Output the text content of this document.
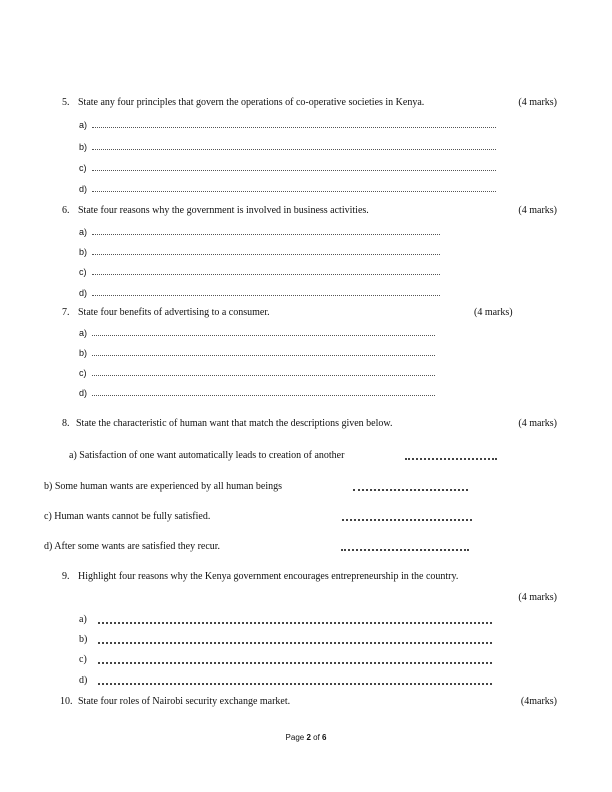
5. State any four principles that govern the operations of co-operative societies in Kenya.	(4 marks)
a)
b)
c)
d)
6. State four reasons why the government is involved in business activities.	(4 marks)
a)
b)
c)
d)
7. State four benefits of advertising to a consumer.	(4 marks)
a)
b)
c)
d)
8. State the characteristic of human want that match the descriptions given below.	(4 marks)
a) Satisfaction of one want automatically leads to creation of another
b) Some human wants are experienced by all human beings
c) Human wants cannot be fully satisfied.
d) After some wants are satisfied they recur.
9. Highlight four reasons why the Kenya government encourages entrepreneurship in the country.
(4 marks)
a)
b)
c)
d)
10. State four roles of Nairobi security exchange market.	(4marks)
Page 2 of 6
